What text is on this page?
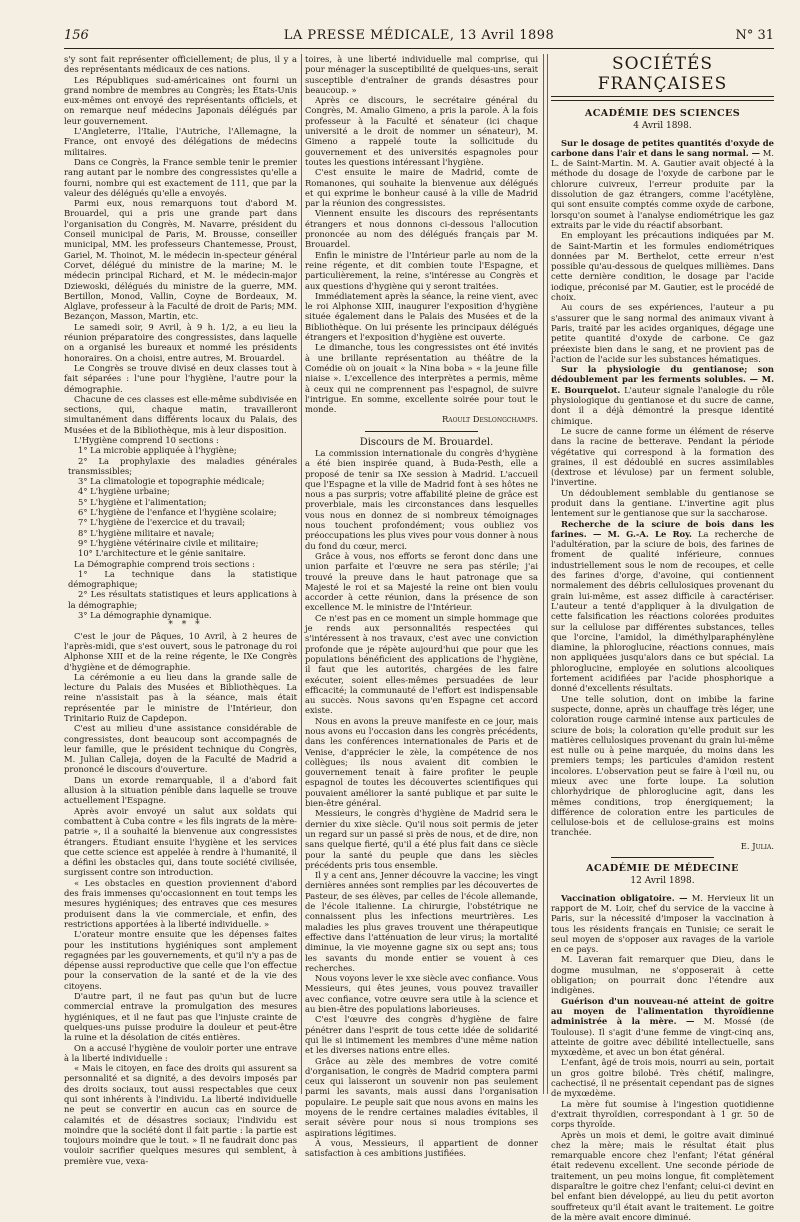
156	LA PRESSE MÉDICALE, 13 Avril 1898	N° 31

s'y sont fait représenter officiellement; de plus, il y a des représentants médicaux de ces nations.

Les Républiques sud-américaines ont fourni un grand nombre de membres au Congrès; les États-Unis eux-mêmes ont envoyé des représentants officiels, et on remarque neuf médecins Japonais délégués par leur gouvernement.

L'Angleterre, l'Italie, l'Autriche, l'Allemagne, la France, ont envoyé des délégations de médecins militaires.

Dans ce Congrès, la France semble tenir le premier rang autant par le nombre des congressistes qu'elle a fourni, nombre qui est exactement de 111, que par la valeur des délégués qu'elle a envoyés.

Parmi eux, nous remarquons tout d'abord M. Brouardel, qui a pris une grande part dans l'organisation du Congrès, M. Navarre, président du Conseil municipal de Paris, M. Brousse, conseiller municipal, MM. les professeurs Chantemesse, Proust, Gariel, M. Thoinot, M. le médecin in-specteur général Corvet, délégué du ministre de la marine; M. le médecin principal Richard, et M. le médecin-major Dziewoski, délégués du ministre de la guerre, MM. Bertillon, Monod, Vallin, Coyne de Bordeaux, M. Alglave, professeur à la Faculté de droit de Paris; MM. Bezançon, Masson, Martin, etc.

Le samedi soir, 9 Avril, à 9 h. 1/2, a eu lieu la réunion préparatoire des congressistes, dans laquelle on a organisé les bureaux et nommé les présidents honoraires. On a choisi, entre autres, M. Brouardel.

Le Congrès se trouve divisé en deux classes tout à fait séparées : l'une pour l'hygiène, l'autre pour la démographie.

Chacune de ces classes est elle-même subdivisée en sections, qui, chaque matin, travailleront simultanément dans différents locaux du Palais, des Musées et de la Bibliothèque, mis à leur disposition.

L'Hygiène comprend 10 sections :

1° La microbie appliquée à l'hygiène;

2° La prophylaxie des maladies générales transmissibles;

3° La climatologie et topographie médicale;

4° L'hygiène urbaine;

5° L'hygiène et l'alimentation;

6° L'hygiène de l'enfance et l'hygiène scolaire;

7° L'hygiène de l'exercice et du travail;

8° L'hygiène militaire et navale;

9° L'hygiène vétérinaire civile et militaire;

10° L'architecture et le génie sanitaire.

La Démographie comprend trois sections :

1° La technique dans la statistique démographique;

2° Les résultats statistiques et leurs applications à la démographie;

3° La démographie dynamique.

* * *

C'est le jour de Pâques, 10 Avril, à 2 heures de l'après-midi, que s'est ouvert, sous le patronage du roi Alphonse XIII et de la reine régente, le IXe Congrès d'hygiène et de démographie.

La cérémonie a eu lieu dans la grande salle de lecture du Palais des Musées et Bibliothèques. La reine n'assistait pas à la séance, mais était représentée par le ministre de l'Intérieur, don Trinitario Ruiz de Capdepon.

C'est au milieu d'une assistance considérable de congressistes, dont beaucoup sont accompagnés de leur famille, que le président technique du Congrès, M. Julian Calleja, doyen de la Faculté de Madrid a prononcé le discours d'ouverture.

Dans un exorde remarquable, il a d'abord fait allusion à la situation pénible dans laquelle se trouve actuellement l'Espagne.

Après avoir envoyé un salut aux soldats qui combattent à Cuba contre « les fils ingrats de la mère-patrie », il a souhaité la bienvenue aux congressistes étrangers. Étudiant ensuite l'hygiène et les services que cette science est appelée à rendre à l'humanité, il a défini les obstacles qui, dans toute société civilisée, surgissent contre son introduction.

« Les obstacles en question proviennent d'abord des frais immenses qu'occasionnent en tout temps les mesures hygiéniques; des entraves que ces mesures produisent dans la vie commerciale, et enfin, des restrictions apportées à la liberté individuelle. »

L'orateur montre ensuite que les dépenses faites pour les institutions hygiéniques sont amplement regagnées par les gouvernements, et qu'il n'y a pas de dépense aussi reproductive que celle que l'on effectue pour la conservation de la santé et de la vie des citoyens.

D'autre part, il ne faut pas qu'un but de lucre commercial entrave la promulgation des mesures hygiéniques, et il ne faut pas que l'injuste crainte de quelques-uns puisse produire la douleur et peut-être la ruine et la désolation de cités entières.

On a accusé l'hygiène de vouloir porter une entrave à la liberté individuelle :

« Mais le citoyen, en face des droits qui assurent sa personnalité et sa dignité, a des devoirs imposés par des droits sociaux, tout aussi respectables que ceux qui sont inhérents à l'individu. La liberté individuelle ne peut se convertir en aucun cas en source de calamités et de désastres sociaux; l'individu est moindre que la société dont il fait partie : la partie est toujours moindre que le tout. » Il ne faudrait donc pas vouloir sacrifier quelques mesures qui semblent, à première vue, vexa-

toires, à une liberté individuelle mal comprise, qui pour ménager la susceptibilité de quelques-uns, serait susceptible d'entraîner de grands désastres pour beaucoup. »

Après ce discours, le secrétaire général du Congrès, M. Amalio Gimeno, a pris la parole. À la fois professeur à la Faculté et sénateur (ici chaque université a le droit de nommer un sénateur), M. Gimeno a rappelé toute la sollicitude du gouvernement et des universités espagnoles pour toutes les questions intéressant l'hygiène.

C'est ensuite le maire de Madrid, comte de Romanones, qui souhaite la bienvenue aux délégués et qui exprime le bonheur causé à la ville de Madrid par la réunion des congressistes.

Viennent ensuite les discours des représentants étrangers et nous donnons ci-dessous l'allocution prononcée au nom des délégués français par M. Brouardel.

Enfin le ministre de l'Intérieur parle au nom de la reine régente, et dit combien toute l'Espagne, et particulièrement, la reine, s'intéresse au Congrès et aux questions d'hygiène qui y seront traitées.

Immédiatement après la séance, la reine vient, avec le roi Alphonse XIII, inaugurer l'exposition d'hygiène située également dans le Palais des Musées et de la Bibliothèque. On lui présente les principaux délégués étrangers et l'exposition d'hygiène est ouverte.

Le dimanche, tous les congressistes ont été invités à une brillante représentation au théâtre de la Comédie où on jouait « la Nina boba » « la jeune fille niaise ». L'excellence des interprètes a permis, même à ceux qui ne comprennent pas l'espagnol, de suivre l'intrigue. En somme, excellente soirée pour tout le monde.

Raoult Deslongchamps.

Discours de M. Brouardel.

La commission internationale du congrès d'hygiène a été bien inspirée quand, à Buda-Pesth, elle a proposé de tenir sa IXe session à Madrid. L'accueil que l'Espagne et la ville de Madrid font à ses hôtes ne nous a pas surpris; votre affabilité pleine de grâce est proverbiale, mais les circonstances dans lesquelles vous nous en donnez de si nombreux témoignages nous touchent profondément; vous oubliez vos préoccupations les plus vives pour vous donner à nous du fond du cœur, merci.

Grâce à vous, nos efforts se feront donc dans une union parfaite et l'œuvre ne sera pas stérile; j'ai trouvé la preuve dans le haut patronage que sa Majesté le roi et sa Majesté la reine ont bien voulu accorder à cette réunion, dans la présence de son excellence M. le ministre de l'Intérieur.

Ce n'est pas en ce moment un simple hommage que je rends aux personnalités respectées qui s'intéressent à nos travaux, c'est avec une conviction profonde que je répète aujourd'hui que pour que les populations bénéficient des applications de l'hygiène, il faut que les autorités, chargées de les faire exécuter, soient elles-mêmes persuadées de leur efficacité; la communauté de l'effort est indispensable au succès. Nous savons qu'en Espagne cet accord existe.

Nous en avons la preuve manifeste en ce jour, mais nous avons eu l'occasion dans les congrès précédents, dans les conférences internationales de Paris et de Venise, d'apprécier le zèle, la compétence de nos collègues; ils nous avaient dit combien le gouvernement tenait à faire profiter le peuple espagnol de toutes les découvertes scientifiques qui pouvaient améliorer la santé publique et par suite le bien-être général.

Messieurs, le congrès d'hygiène de Madrid sera le dernier du xixe siècle. Qu'il nous soit permis de jeter un regard sur un passé si près de nous, et de dire, non sans quelque fierté, qu'il a été plus fait dans ce siècle pour la santé du peuple que dans les siècles précédents pris tous ensemble.

Il y a cent ans, Jenner découvre la vaccine; les vingt dernières années sont remplies par les découvertes de Pasteur, de ses élèves, par celles de l'école allemande, de l'école italienne. La chirurgie, l'obstétrique ne connaissent plus les infections meurtrières. Les maladies les plus graves trouvent une thérapeutique effective dans l'atténuation de leur virus; la mortalité diminue, la vie moyenne gagne six ou sept ans; tous les savants du monde entier se vouent à ces recherches.

Nous voyons lever le xxe siècle avec confiance. Vous Messieurs, qui êtes jeunes, vous pouvez travailler avec confiance, votre œuvre sera utile à la science et au bien-être des populations laborieuses.

C'est l'œuvre des congrès d'hygiène de faire pénétrer dans l'esprit de tous cette idée de solidarité qui lie si intimement les membres d'une même nation et les diverses nations entre elles.

Grâce au zèle des membres de votre comité d'organisation, le congrès de Madrid comptera parmi ceux qui laisseront un souvenir non pas seulement parmi les savants, mais aussi dans l'organisation populaire. Le peuple sait que nous avons en mains les moyens de le rendre certaines maladies évitables, il serait sévère pour nous si nous trompions ses aspirations légitimes.

À vous, Messieurs, il appartient de donner satisfaction à ces ambitions justifiées.

SOCIÉTÉS FRANÇAISES
ACADÉMIE DES SCIENCES
4 Avril 1898.

Sur le dosage de petites quantités d'oxyde de carbone dans l'air et dans le sang normal. — M. L. de Saint-Martin. M. A. Gautier avait objecté à la méthode du dosage de l'oxyde de carbone par le chlorure cuivreux, l'erreur produite par la dissolution de gaz étrangers, comme l'acétylène, qui sont ensuite comptés comme oxyde de carbone, lorsqu'on soumet à l'analyse endiométrique les gaz extraits par le vide du réactif absorbant.

En employant les précautions indiquées par M. de Saint-Martin et les formules endiométriques données par M. Berthelot, cette erreur n'est possible qu'au-dessous de quelques millièmes. Dans cette dernière condition, le dosage par l'acide iodique, préconisé par M. Gautier, est le procédé de choix.

Au cours de ses expériences, l'auteur a pu s'assurer que le sang normal des animaux vivant à Paris, traité par les acides organiques, dégage une petite quantité d'oxyde de carbone. Ce gaz préexiste bien dans le sang, et ne provient pas de l'action de l'acide sur les substances hématiques.

Sur la physiologie du gentianose; son dédoublement par les ferments solubles. — M. E. Bourquelot. L'auteur signale l'analogie du rôle physiologique du gentianose et du sucre de canne, dont il a déjà démontré la presque identité chimique.

Le sucre de canne forme un élément de réserve dans la racine de betterave. Pendant la période végétative qui correspond à la formation des graines, il est dédoublé en sucres assimilables (dextrose et lévulose) par un ferment soluble, l'invertine.

Un dédoublement semblable du gentianose se produit dans la gentiane. L'invertine agit plus lentement sur le gentianose que sur la saccharose.

Recherche de la sciure de bois dans les farines. — M. G.-A. Le Roy. La recherche de l'adultération, par la sciure de bois, des farines de froment de qualité inférieure, connues industriellement sous le nom de recoupes, et celle des farines d'orge, d'avoine, qui contiennent normalement des débris cellulosiques provenant du grain lui-même, est assez difficile à caractériser. L'auteur a tenté d'appliquer à la divulgation de cette falsification les réactions colorées produites sur la cellulose par différentes substances, telles que l'orcine, l'amidol, la diméthylparaphénylène diamine, la phloroglucine, réactions connues, mais non appliquées jusqu'alors dans ce but spécial. La phloroglucine, employée en solutions alcooliques fortement acidifiées par l'acide phosphorique a donné d'excellents résultats.

Une telle solution, dont on imbibe la farine suspecte, donne, après un chauffage très léger, une coloration rouge carminé intense aux particules de sciure de bois; la coloration qu'elle produit sur les matières cellulosiques provenant du grain lui-même est nulle ou à peine marquée, du moins dans les premiers temps; les particules d'amidon restent incolores. L'observation peut se faire à l'œil nu, ou mieux avec une forte loupe. La solution chlorhydrique de phloroglucine agit, dans les mêmes conditions, trop énergiquement; la différence de coloration entre les particules de cellulose-bois et de cellulose-grains est moins tranchée.

E. Julia.
ACADÉMIE DE MÉDECINE
12 Avril 1898.

Vaccination obligatoire. — M. Hervieux lit un rapport de M. Loir, chef du service de la vaccine à Paris, sur la nécessité d'imposer la vaccination à tous les résidents français en Tunisie; ce serait le seul moyen de s'opposer aux ravages de la variole en ce pays.

M. Laveran fait remarquer que Dieu, dans le dogme musulman, ne s'opposerait à cette obligation; on pourrait donc l'étendre aux indigènes.

Guérison d'un nouveau-né atteint de goitre au moyen de l'alimentation thyroïdienne administrée à la mère. — M. Mossé (de Toulouse). Il s'agit d'une femme de vingt-cinq ans, atteinte de goitre avec débilité intellectuelle, sans myxœdème, et avec un bon état général.

L'enfant, âgé de trois mois, nourri au sein, portait un gros goitre bilobé. Très chétif, malingre, cachectisé, il ne présentait cependant pas de signes de myxœdème.

La mère fut soumise à l'ingestion quotidienne d'extrait thyroïdien, correspondant à 1 gr. 50 de corps thyroïde.

Après un mois et demi, le goitre avait diminué chez la mère; mais le résultat était plus remarquable encore chez l'enfant; l'état général était redevenu excellent. Une seconde période de traitement, un peu moins longue, fit complètement disparaître le goitre chez l'enfant; celui-ci devint en bel enfant bien développé, au lieu du petit avorton souffreteux qu'il était avant le traitement. Le goitre de la mère avait encore diminué.
